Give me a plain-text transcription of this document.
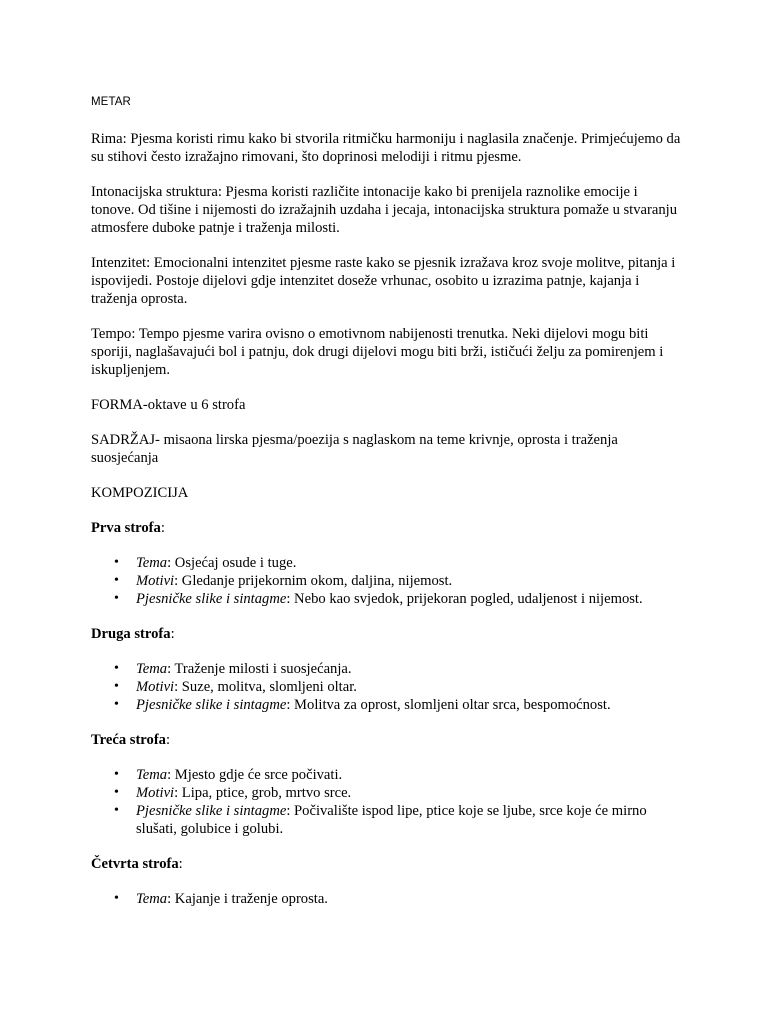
METAR

Rima: Pjesma koristi rimu kako bi stvorila ritmičku harmoniju i naglasila značenje. Primjećujemo da su stihovi često izražajno rimovani, što doprinosi melodiji i ritmu pjesme.

Intonacijska struktura: Pjesma koristi različite intonacije kako bi prenijela raznolike emocije i tonove. Od tišine i nijemosti do izražajnih uzdaha i jecaja, intonacijska struktura pomaže u stvaranju atmosfere duboke patnje i traženja milosti.

Intenzitet: Emocionalni intenzitet pjesme raste kako se pjesnik izražava kroz svoje molitve, pitanja i ispovijedi. Postoje dijelovi gdje intenzitet doseže vrhunac, osobito u izrazima patnje, kajanja i traženja oprosta.

Tempo: Tempo pjesme varira ovisno o emotivnom nabijenosti trenutka. Neki dijelovi mogu biti sporiji, naglašavajući bol i patnju, dok drugi dijelovi mogu biti brži, ističući želju za pomirenjem i iskupljenjem.

FORMA-oktave u 6 strofa

SADRŽAJ- misaona lirska pjesma/poezija s naglaskom na teme krivnje, oprosta i traženja suosjećanja

KOMPOZICIJA

Prva strofa:
• Tema: Osjećaj osude i tuge.
• Motivi: Gledanje prijekornim okom, daljina, nijemost.
• Pjesničke slike i sintagme: Nebo kao svjedok, prijekoran pogled, udaljenost i nijemost.
Druga strofa:
• Tema: Traženje milosti i suosjećanja.
• Motivi: Suze, molitva, slomljeni oltar.
• Pjesničke slike i sintagme: Molitva za oprost, slomljeni oltar srca, bespomoćnost.
Treća strofa:
• Tema: Mjesto gdje će srce počivati.
• Motivi: Lipa, ptice, grob, mrtvo srce.
• Pjesničke slike i sintagme: Počivalište ispod lipe, ptice koje se ljube, srce koje će mirno slušati, golubice i golubi.
Četvrta strofa:
• Tema: Kajanje i traženje oprosta.
